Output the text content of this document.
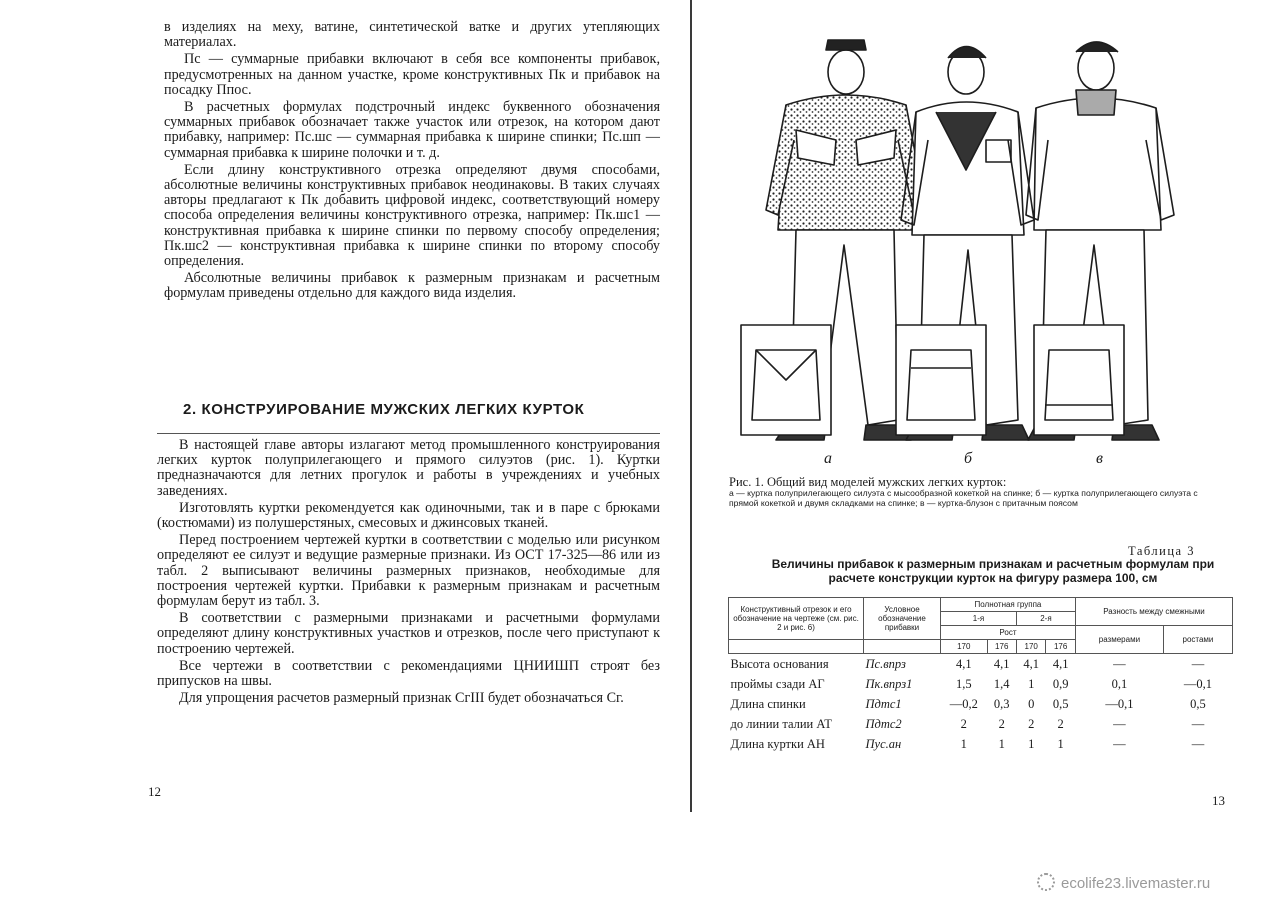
в изделиях на меху, ватине, синтетической ватке и других утепляющих материалах.

Пс — суммарные прибавки включают в себя все компоненты прибавок, предусмотренных на данном участке, кроме конструктивных Пк и прибавок на посадку Ппос.

В расчетных формулах подстрочный индекс буквенного обозначения суммарных прибавок обозначает также участок или отрезок, на котором дают прибавку, например: Пс.шс — суммарная прибавка к ширине спинки; Пс.шп — суммарная прибавка к ширине полочки и т. д.

Если длину конструктивного отрезка определяют двумя способами, абсолютные величины конструктивных прибавок неодинаковы. В таких случаях авторы предлагают к Пк добавить цифровой индекс, соответствующий номеру способа определения величины конструктивного отрезка, например: Пк.шс1 — конструктивная прибавка к ширине спинки по первому способу определения; Пк.шс2 — конструктивная прибавка к ширине спинки по второму способу определения.

Абсолютные величины прибавок к размерным признакам и расчетным формулам приведены отдельно для каждого вида изделия.

2. КОНСТРУИРОВАНИЕ МУЖСКИХ ЛЕГКИХ КУРТОК

В настоящей главе авторы излагают метод промышленного конструирования легких курток полуприлегающего и прямого силуэтов (рис. 1). Куртки предназначаются для летних прогулок и работы в учреждениях и учебных заведениях.

Изготовлять куртки рекомендуется как одиночными, так и в паре с брюками (костюмами) из полушерстяных, смесовых и джинсовых тканей.

Перед построением чертежей куртки в соответствии с моделью или рисунком определяют ее силуэт и ведущие размерные признаки. Из ОСТ 17-325—86 или из табл. 2 выписывают величины размерных признаков, необходимые для построения чертежей куртки. Прибавки к размерным признакам и расчетным формулам берут из табл. 3.

В соответствии с размерными признаками и расчетными формулами определяют длину конструктивных участков и отрезков, после чего приступают к построению чертежей.

Все чертежи в соответствии с рекомендациями ЦНИИШП строят без припусков на швы.

Для упрощения расчетов размерный признак СгIII будет обозначаться Сг.

12
а	б	в
Рис. 1. Общий вид моделей мужских легких курток:
а — куртка полуприлегающего силуэта с мысообразной кокеткой на спинке; б — куртка полуприлегающего силуэта с прямой кокеткой и двумя складками на спинке; в — куртка-блузон с притачным поясом
Таблица 3
Величины прибавок к размерным признакам и расчетным формулам при расчете конструкции курток на фигуру размера 100, см
Конструктивный отрезок и его обозначение на чертеже (см. рис. 2 и рис. 6)	Условное обозначение прибавки	Полнотная группа				Разность между смежными	
		1-я		2-я			
		Рост				размерами	ростами
		170	176	170	176		
Высота основания	Пс.впрз	4,1	4,1	4,1	4,1	—	—
проймы сзади АГ	Пк.впрз1	1,5	1,4	1	0,9	0,1	—0,1
Длина спинки	Пдтс1	—0,2	0,3	0	0,5	—0,1	0,5
до линии талии АТ	Пдтс2	2	2	2	2	—	—
Длина куртки АН	Пус.ан	1	1	1	1	—	—
13
ecolife23.livemaster.ru
